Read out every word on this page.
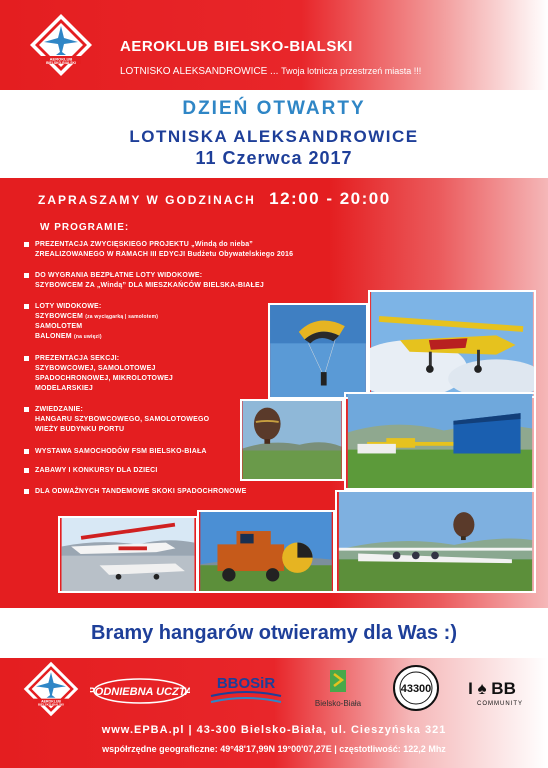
AEROKLUB
BIELSKO-BIALSKI
AEROKLUB BIELSKO-BIALSKI
LOTNISKO ALEKSANDROWICE ... Twoja lotnicza przestrzeń miasta !!!
DZIEŃ OTWARTY
LOTNISKA ALEKSANDROWICE
11 Czerwca 2017
ZAPRASZAMY W GODZINACH 12:00 - 20:00
W PROGRAMIE:
PREZENTACJA ZWYCIĘSKIEGO PROJEKTU „Windą do nieba”
ZREALIZOWANEGO W RAMACH III EDYCJI Budżetu Obywatelskiego 2016
DO WYGRANIA BEZPŁATNE LOTY WIDOKOWE:
SZYBOWCEM ZA „Windą” DLA MIESZKAŃCÓW BIELSKA-BIAŁEJ
LOTY WIDOKOWE:
SZYBOWCEM (za wyciągarką | samolotem)
SAMOLOTEM
BALONEM (na uwięzi)
PREZENTACJA SEKCJI:
SZYBOWCOWEJ, SAMOLOTOWEJ
SPADOCHRONOWEJ, MIKROLOTOWEJ
MODELARSKIEJ
ZWIEDZANIE:
HANGARU SZYBOWCOWEGO, SAMOLOTOWEGO
WIEŻY BUDYNKU PORTU
WYSTAWA SAMOCHODÓW FSM BIELSKO-BIAŁA
ZABAWY I KONKURSY DLA DZIECI
DLA ODWAŻNYCH TANDEMOWE SKOKI SPADOCHRONOWE
Bramy hangarów otwieramy dla Was :)
AEROKLUB
BIELSKO-BIALSKI
PODNIEBNA UCZTA BBOSiR
Bielsko-Biała
43300 I ♠ BB
COMMUNITY
www.EPBA.pl | 43-300 Bielsko-Biała, ul. Cieszyńska 321
współrzędne geograficzne: 49°48'17,99N 19°00'07,27E | częstotliwość: 122,2 Mhz
